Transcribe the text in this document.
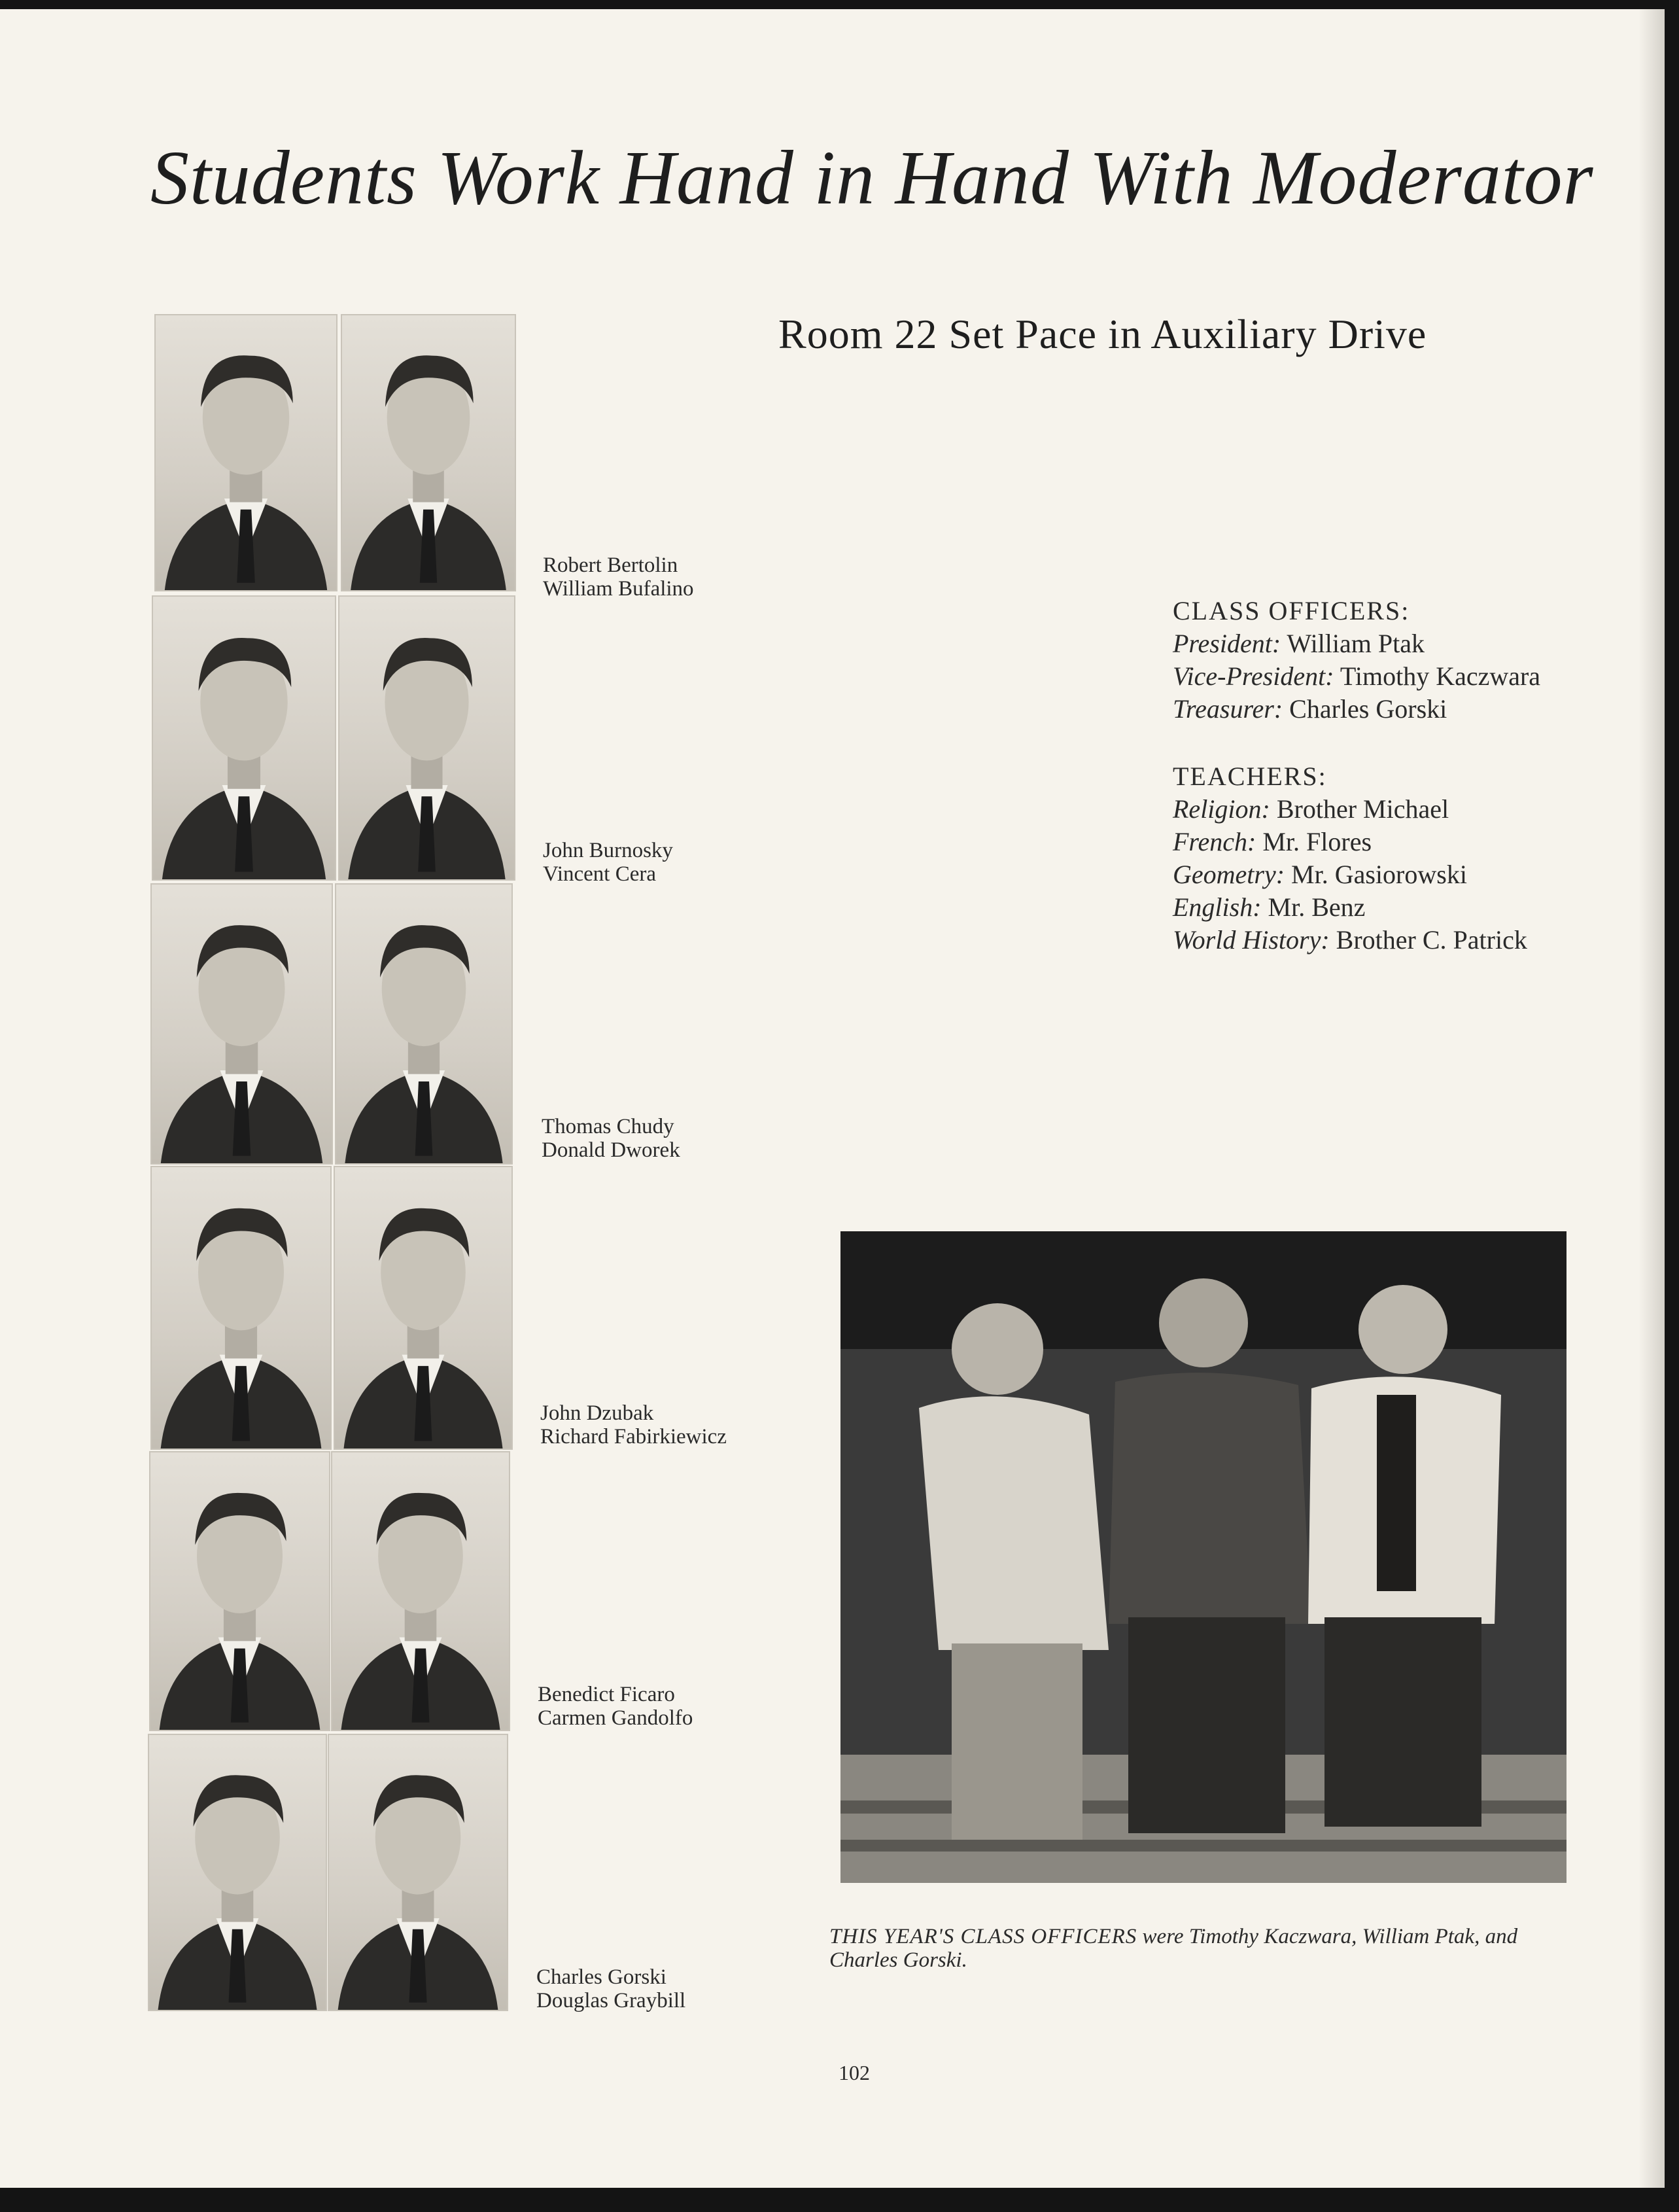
Students Work Hand in Hand With Moderator
Room 22 Set Pace in Auxiliary Drive
Robert Bertolin
William Bufalino
John Burnosky
Vincent Cera
Thomas Chudy
Donald Dworek
John Dzubak
Richard Fabirkiewicz
Benedict Ficaro
Carmen Gandolfo
Charles Gorski
Douglas Graybill
CLASS OFFICERS:
President: William Ptak
Vice-President: Timothy Kaczwara
Treasurer: Charles Gorski
TEACHERS:
Religion: Brother Michael
French: Mr. Flores
Geometry: Mr. Gasiorowski
English: Mr. Benz
World History: Brother C. Patrick
THIS YEAR'S CLASS OFFICERS were Timothy Kaczwara, William Ptak, and Charles Gorski.
102
